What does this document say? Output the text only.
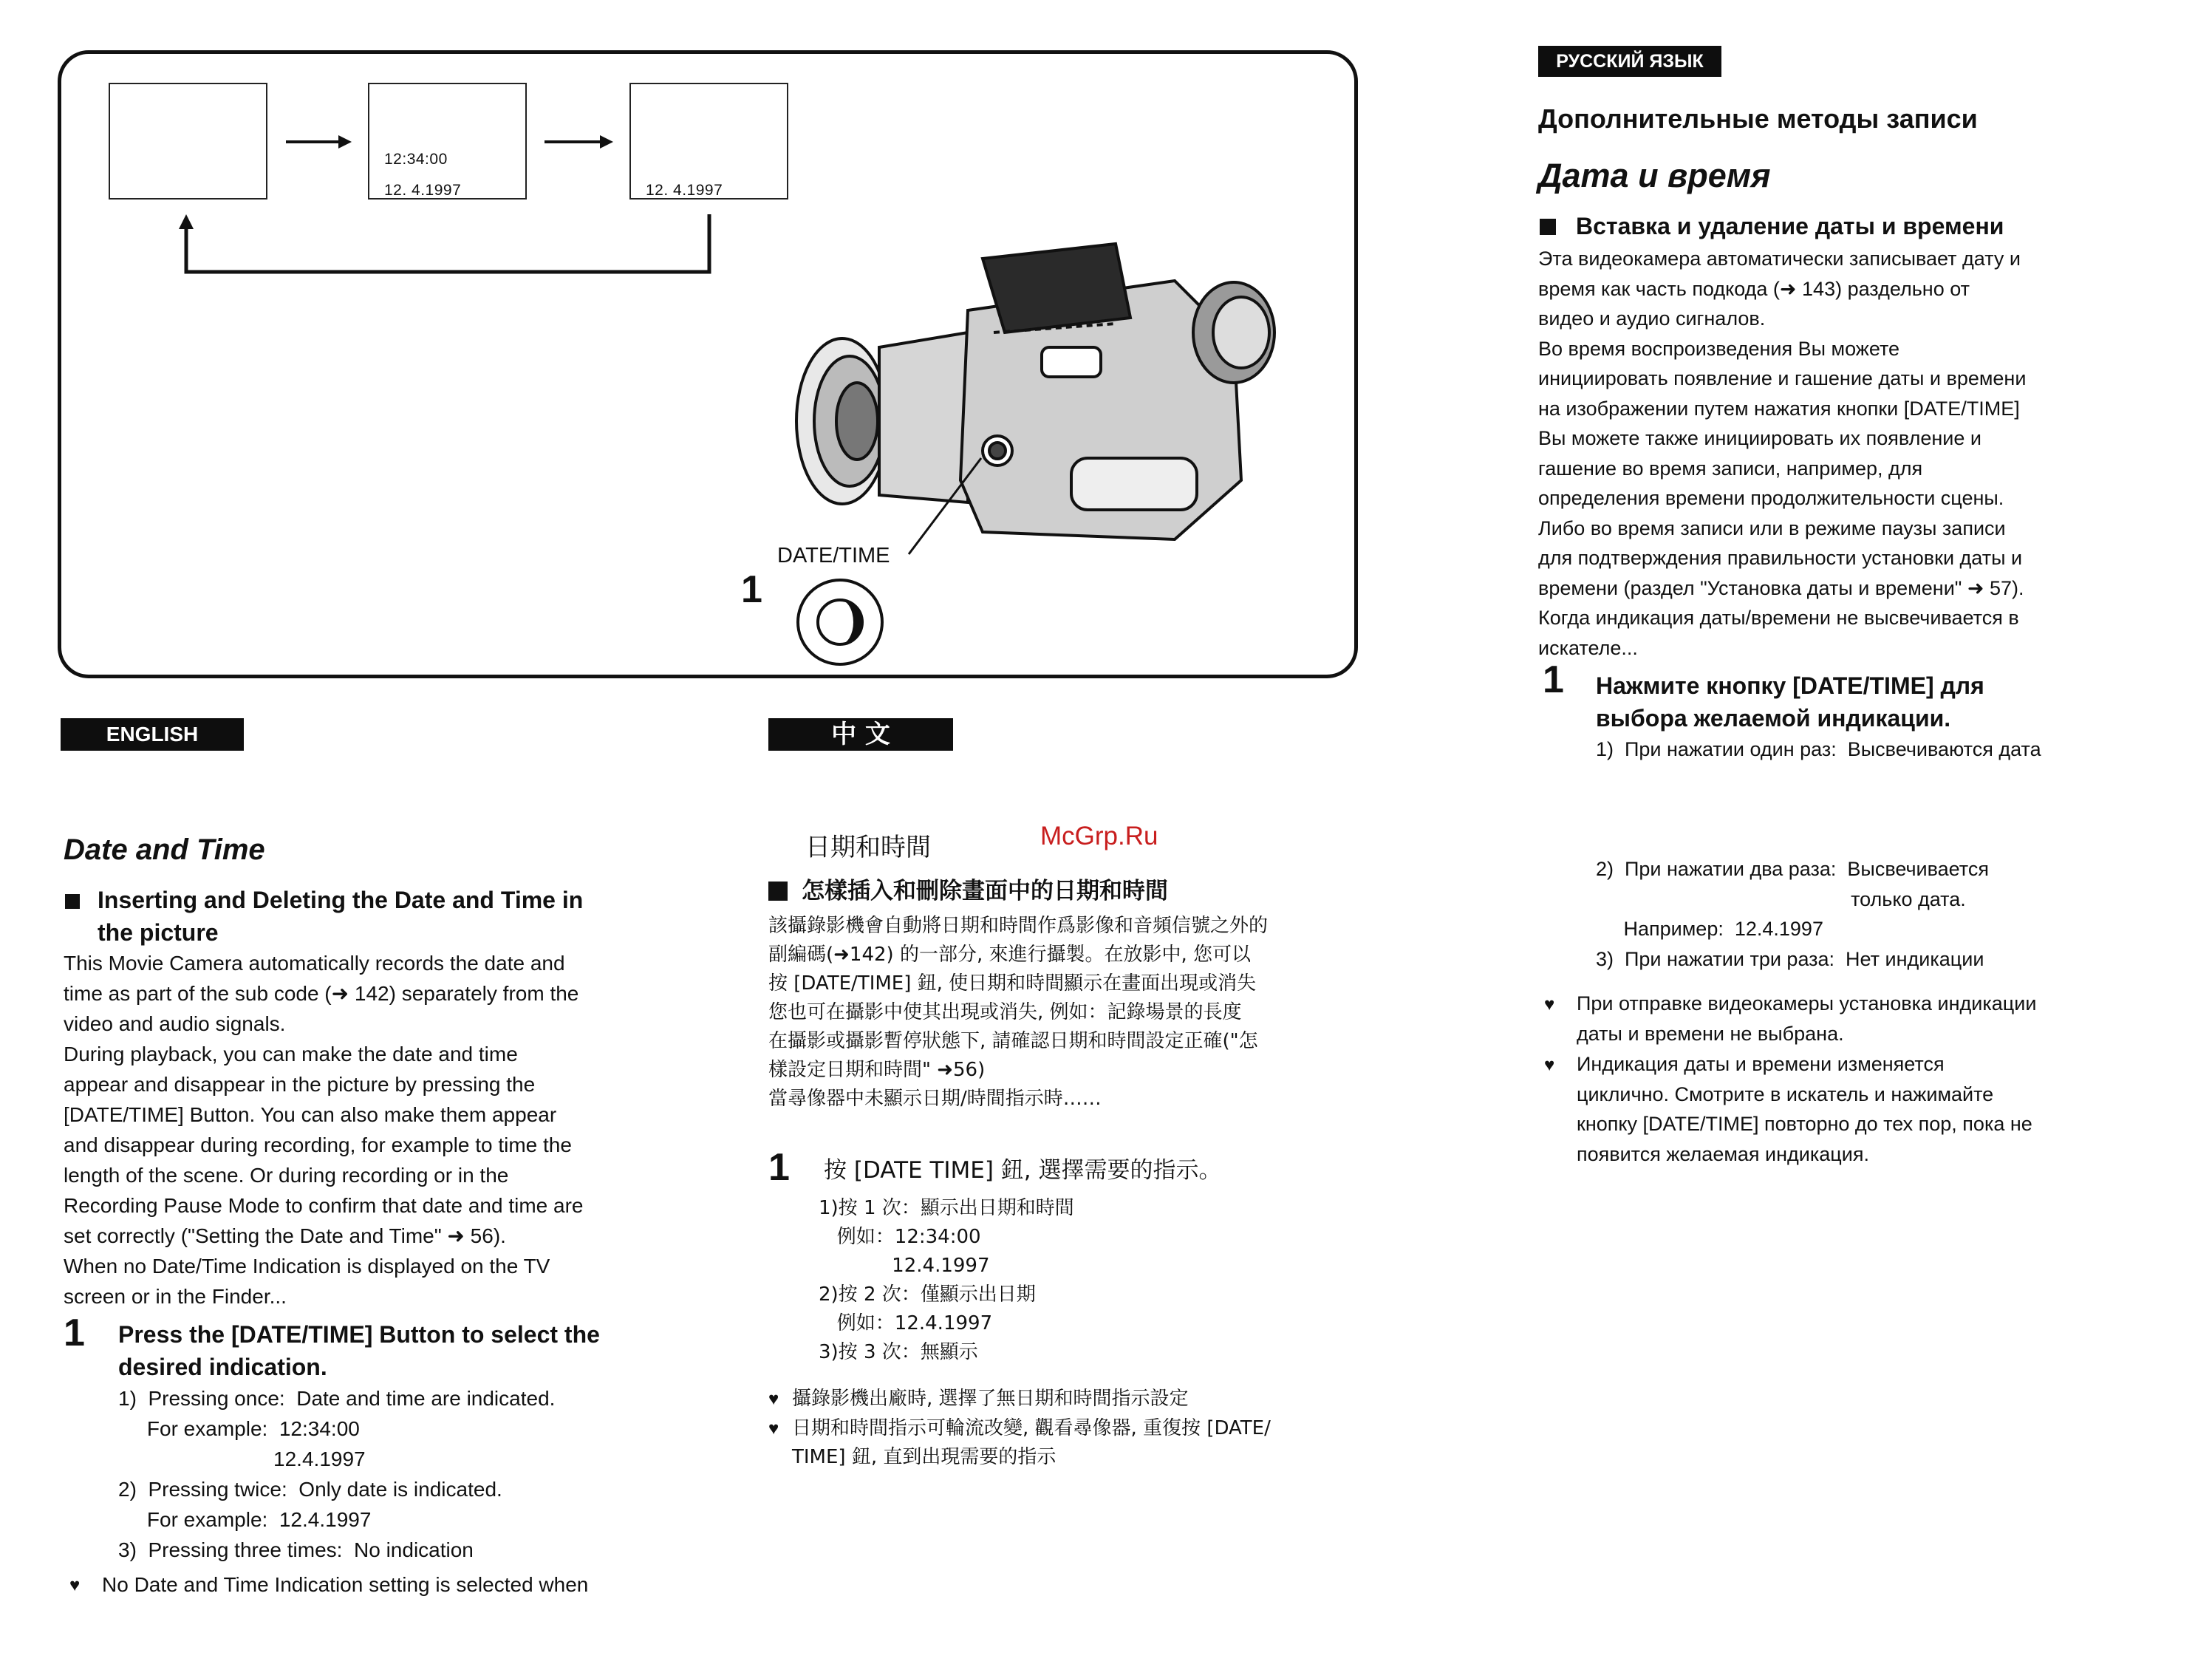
12:34:00
12. 4.1997	12. 4.1997
DATE/TIME
1
McGrp.Ru
ENGLISH
Date and Time
Inserting and Deleting the Date and Time in
the picture
This Movie Camera automatically records the date and
time as part of the sub code (➜ 142) separately from the
video and audio signals.
During playback, you can make the date and time
appear and disappear in the picture by pressing the
[DATE/TIME] Button. You can also make them appear
and disappear during recording, for example to time the
length of the scene. Or during recording or in the
Recording Pause Mode to confirm that date and time are
set correctly ("Setting the Date and Time" ➜ 56).
When no Date/Time Indication is displayed on the TV
screen or in the Finder...
1 Press the [DATE/TIME] Button to select the
desired indication.
1)  Pressing once:  Date and time are indicated.
For example:  12:34:00
12.4.1997
2)  Pressing twice:  Only date is indicated.
For example:  12.4.1997
3)  Pressing three times:  No indication
♥ No Date and Time Indication setting is selected when
中 文
日期和時間
怎樣插入和刪除畫面中的日期和時間
該攝錄影機會自動將日期和時間作爲影像和音頻信號之外的
副編碼(➜142) 的一部分, 來進行攝製。在放影中, 您可以
按 [DATE/TIME] 鈕, 使日期和時間顯示在畫面出現或消失
您也可在攝影中使其出現或消失, 例如：記錄場景的長度
在攝影或攝影暫停狀態下, 請確認日期和時間設定正確("怎
樣設定日期和時間" ➜56)
當尋像器中未顯示日期/時間指示時……
1 按 [DATE TIME] 鈕, 選擇需要的指示。
1)按 1 次：顯示出日期和時間
例如：12:34:00
12.4.1997
2)按 2 次：僅顯示出日期
例如：12.4.1997
3)按 3 次：無顯示
♥ 攝錄影機出廠時, 選擇了無日期和時間指示設定
♥ 日期和時間指示可輪流改變, 觀看尋像器, 重復按 [DATE/
TIME] 鈕, 直到出現需要的指示
РУССКИЙ ЯЗЫК
Дополнительные методы записи
Дата и время
Вставка и удаление даты и времени
Эта видеокамера автоматически записывает дату и
время как часть подкода (➜ 143) раздельно от
видео и аудио сигналов.
Во время воспроизведения Вы можете
инициировать появление и гашение даты и времени
на изображении путем нажатия кнопки [DATE/TIME]
Вы можете также инициировать их появление и
гашение во время записи, например, для
определения времени продолжительности сцены.
Либо во время записи или в режиме паузы записи
для подтверждения правильности установки даты и
времени (раздел "Установка даты и времени" ➜ 57).
Когда индикация даты/времени не высвечивается в
искателе...
1 Нажмите кнопку [DATE/TIME] для
выбора желаемой индикации.
1)  При нажатии один раз:  Высвечиваются дата
2)  При нажатии два раза:  Высвечивается
только дата.
Например:  12.4.1997
3)  При нажатии три раза:  Нет индикации
♥ При отправке видеокамеры установка индикации
даты и времени не выбрана.
♥ Индикация даты и времени изменяется
циклично. Смотрите в искатель и нажимайте
кнопку [DATE/TIME] повторно до тех пор, пока не
появится желаемая индикация.
